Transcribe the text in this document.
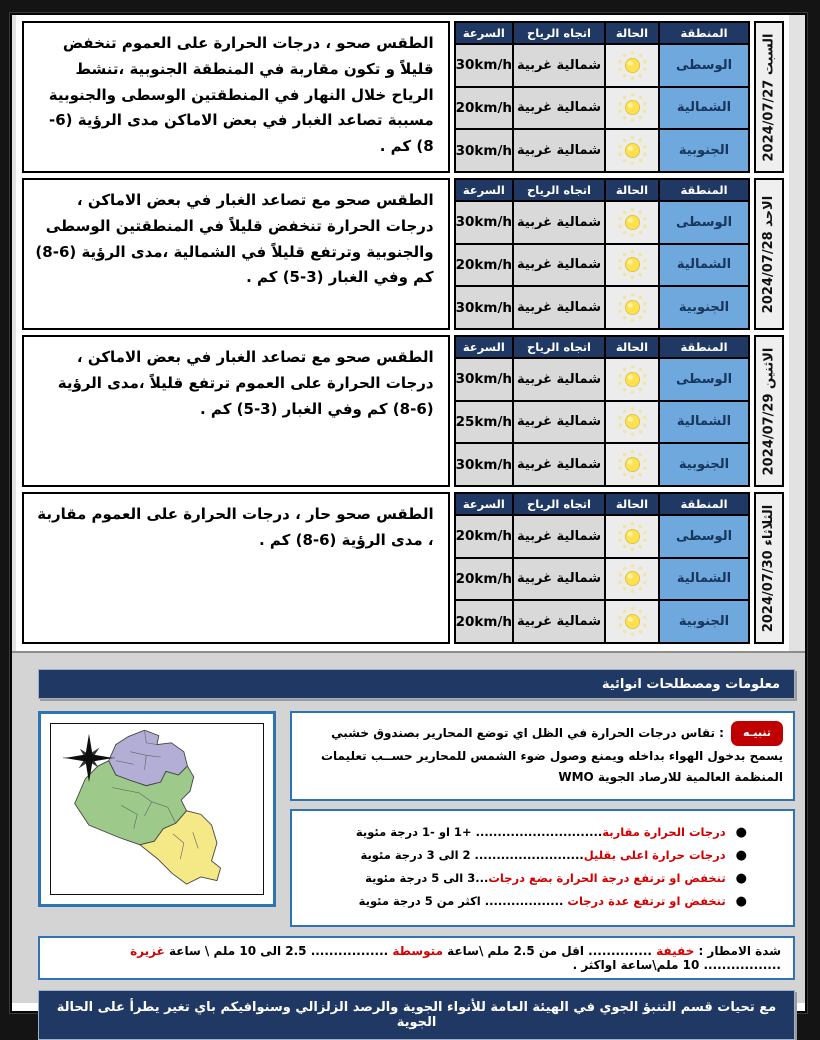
السبت 2024/07/27
المنطقة	الحالة	اتجاه الرياح	السرعة
الوسطى		شمالية غربية	30km/h
الشمالية		شمالية غربية	20km/h
الجنوبية		شمالية غربية	30km/h
الطقس صحو ، درجات الحرارة على العموم تنخفض قليلاً و تكون مقاربة في المنطقة الجنوبية ،تنشط الرياح خلال النهار في المنطقتين الوسطى والجنوبية مسببة تصاعد الغبار في بعض الاماكن مدى الرؤية (6-8) كم .
الاحد 2024/07/28
المنطقة	الحالة	اتجاه الرياح	السرعة
الوسطى		شمالية غربية	30km/h
الشمالية		شمالية غربية	20km/h
الجنوبية		شمالية غربية	30km/h
الطقس صحو مع تصاعد الغبار في بعض الاماكن ، درجات الحرارة تنخفض قليلاً في المنطقتين الوسطى والجنوبية وترتفع قليلاً في الشمالية ،مدى الرؤية (6-8) كم وفي الغبار (3-5) كم .
الاثنين 2024/07/29
المنطقة	الحالة	اتجاه الرياح	السرعة
الوسطى		شمالية غربية	30km/h
الشمالية		شمالية غربية	25km/h
الجنوبية		شمالية غربية	30km/h
الطقس صحو مع تصاعد الغبار في بعض الاماكن ، درجات الحرارة على العموم ترتفع قليلاً ،مدى الرؤية (6-8) كم وفي الغبار (3-5) كم .
الثلاثاء 2024/07/30
المنطقة	الحالة	اتجاه الرياح	السرعة
الوسطى		شمالية غربية	20km/h
الشمالية		شمالية غربية	20km/h
الجنوبية		شمالية غربية	20km/h
الطقس صحو حار ، درجات الحرارة على العموم مقاربة ، مدى الرؤية (6-8) كم .
معلومات ومصطلحات انوائية
تنبيـه: تقاس درجات الحرارة في الظل اي توضع المحارير بصندوق خشبي يسمح بدخول الهواء بداخله ويمنع وصول ضوء الشمس للمحارير حســب تعليمات المنظمة العالمية للارصاد الجوية WMO
●درجات الحرارة مقاربة............................. +1 او -1 درجة مئوية
●درجات حرارة اعلى بقليل......................... 2 الى 3 درجة مئوية
●تنخفض او ترتفع درجة الحرارة بضع درجات...3 الى 5 درجة مئوية
●تنخفض او ترتفع عدة درجات .................. اكثر من 5 درجة مئوية
شدة الامطار : خفيفة .............. اقل من 2.5 ملم \ساعة متوسطة ................. 2.5 الى 10 ملم \ ساعة غزيرة ................. 10 ملم\ساعة اواكثر .
مع تحيات قسم التنبؤ الجوي في الهيئة العامة للأنواء الجوية والرصد الزلزالي وسنوافيكم باي تغير يطرأ على الحالة الجوية
